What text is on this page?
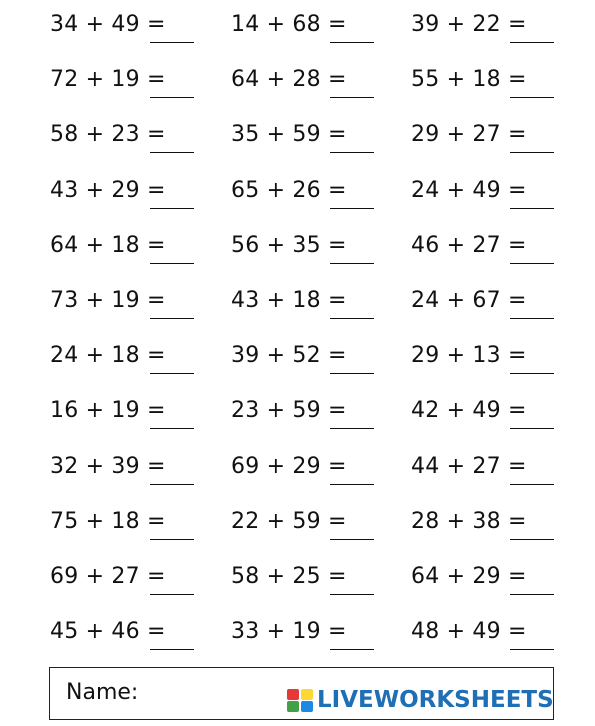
34 + 49 =	14 + 68 =	39 + 22 =
72 + 19 =	64 + 28 =	55 + 18 =
58 + 23 =	35 + 59 =	29 + 27 =
43 + 29 =	65 + 26 =	24 + 49 =
64 + 18 =	56 + 35 =	46 + 27 =
73 + 19 =	43 + 18 =	24 + 67 =
24 + 18 =	39 + 52 =	29 + 13 =
16 + 19 =	23 + 59 =	42 + 49 =
32 + 39 =	69 + 29 =	44 + 27 =
75 + 18 =	22 + 59 =	28 + 38 =
69 + 27 =	58 + 25 =	64 + 29 =
45 + 46 =	33 + 19 =	48 + 49 =
Name:	LIVEWORKSHEETS
